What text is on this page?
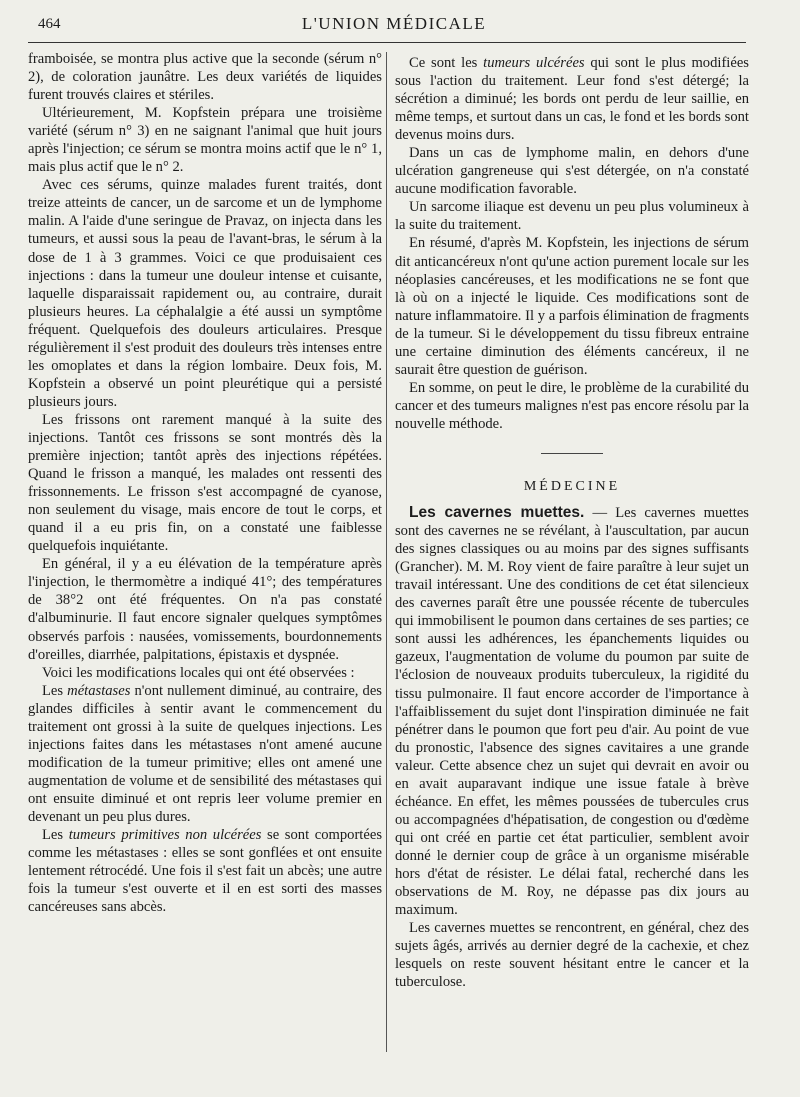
464	L'UNION MÉDICALE

framboisée, se montra plus active que la seconde (sérum n° 2), de coloration jaunâtre. Les deux variétés de liquides furent trouvés claires et stériles.

Ultérieurement, M. Kopfstein prépara une troisième variété (sérum n° 3) en ne saignant l'animal que huit jours après l'injection; ce sérum se montra moins actif que le n° 1, mais plus actif que le n° 2.

Avec ces sérums, quinze malades furent traités, dont treize atteints de cancer, un de sarcome et un de lymphome malin. A l'aide d'une seringue de Pravaz, on injecta dans les tumeurs, et aussi sous la peau de l'avant-bras, le sérum à la dose de 1 à 3 grammes. Voici ce que produisaient ces injections : dans la tumeur une douleur intense et cuisante, laquelle disparaissait rapidement ou, au contraire, durait plusieurs heures. La céphalalgie a été aussi un symptôme fréquent. Quelquefois des douleurs articulaires. Presque régulièrement il s'est produit des douleurs très intenses entre les omoplates et dans la région lombaire. Deux fois, M. Kopfstein a observé un point pleurétique qui a persisté plusieurs jours.

Les frissons ont rarement manqué à la suite des injections. Tantôt ces frissons se sont montrés dès la première injection; tantôt après des injections répétées. Quand le frisson a manqué, les malades ont ressenti des frissonnements. Le frisson s'est accompagné de cyanose, non seulement du visage, mais encore de tout le corps, et quand il a eu pris fin, on a constaté une faiblesse quelquefois inquiétante.

En général, il y a eu élévation de la température après l'injection, le thermomètre a indiqué 41°; des températures de 38°2 ont été fréquentes. On n'a pas constaté d'albuminurie. Il faut encore signaler quelques symptômes observés parfois : nausées, vomissements, bourdonnements d'oreilles, diarrhée, palpitations, épistaxis et dyspnée.

Voici les modifications locales qui ont été observées :

Les métastases n'ont nullement diminué, au contraire, des glandes difficiles à sentir avant le commencement du traitement ont grossi à la suite de quelques injections. Les injections faites dans les métastases n'ont amené aucune modification de la tumeur primitive; elles ont amené une augmentation de volume et de sensibilité des métastases qui ont ensuite diminué et ont repris leer volume premier en devenant un peu plus dures.

Les tumeurs primitives non ulcérées se sont comportées comme les métastases : elles se sont gonflées et ont ensuite lentement rétrocédé. Une fois il s'est fait un abcès; une autre fois la tumeur s'est ouverte et il en est sorti des masses cancéreuses sans abcès.

Ce sont les tumeurs ulcérées qui sont le plus modifiées sous l'action du traitement. Leur fond s'est détergé; la sécrétion a diminué; les bords ont perdu de leur saillie, en même temps, et surtout dans un cas, le fond et les bords sont devenus moins durs.

Dans un cas de lymphome malin, en dehors d'une ulcération gangreneuse qui s'est détergée, on n'a constaté aucune modification favorable.

Un sarcome iliaque est devenu un peu plus volumineux à la suite du traitement.

En résumé, d'après M. Kopfstein, les injections de sérum dit anticancéreux n'ont qu'une action purement locale sur les néoplasies cancéreuses, et les modifications ne se font que là où on a injecté le liquide. Ces modifications sont de nature inflammatoire. Il y a parfois élimination de fragments de la tumeur. Si le développement du tissu fibreux entraine une certaine diminution des éléments cancéreux, il ne saurait être question de guérison.

En somme, on peut le dire, le problème de la curabilité du cancer et des tumeurs malignes n'est pas encore résolu par la nouvelle méthode.

MÉDECINE

Les cavernes muettes. — Les cavernes muettes sont des cavernes ne se révélant, à l'auscultation, par aucun des signes classiques ou au moins par des signes suffisants (Grancher). M. M. Roy vient de faire paraître à leur sujet un travail intéressant. Une des conditions de cet état silencieux des cavernes paraît être une poussée récente de tubercules qui immobilisent le poumon dans certaines de ses parties; ce sont aussi les adhérences, les épanchements liquides ou gazeux, l'augmentation de volume du poumon par suite de l'éclosion de nouveaux produits tuberculeux, la rigidité du tissu pulmonaire. Il faut encore accorder de l'importance à l'affaiblissement du sujet dont l'inspiration diminuée ne fait pénétrer dans le poumon que fort peu d'air. Au point de vue du pronostic, l'absence des signes cavitaires a une grande valeur. Cette absence chez un sujet qui devrait en avoir ou en avait auparavant indique une issue fatale à brève échéance. En effet, les mêmes poussées de tubercules crus ou accompagnées d'hépatisation, de congestion ou d'œdème qui ont créé en partie cet état particulier, semblent avoir donné le dernier coup de grâce à un organisme misérable hors d'état de résister. Le délai fatal, recherché dans les observations de M. Roy, ne dépasse pas dix jours au maximum.

Les cavernes muettes se rencontrent, en général, chez des sujets âgés, arrivés au dernier degré de la cachexie, et chez lesquels on reste souvent hésitant entre le cancer et la tuberculose.
